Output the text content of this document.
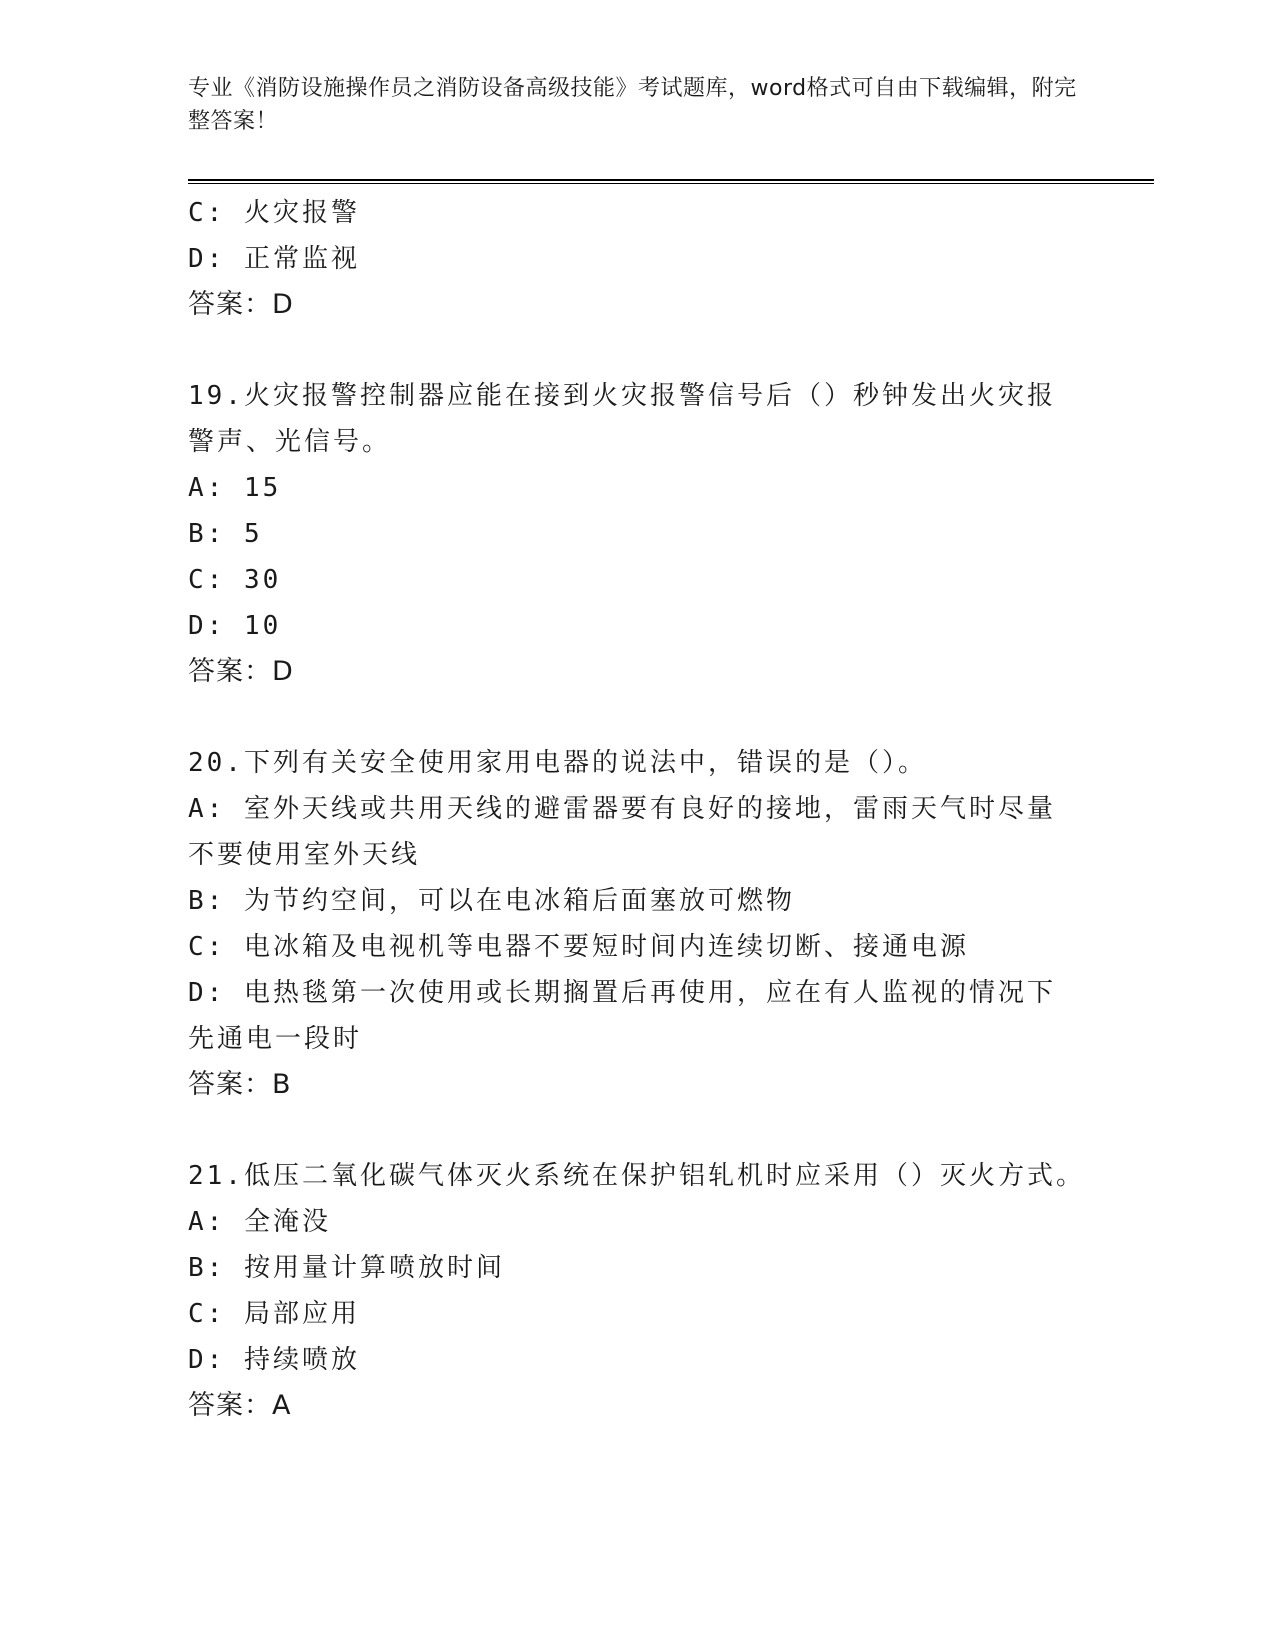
专业《消防设施操作员之消防设备高级技能》考试题库，word格式可自由下载编辑，附完整答案！
C: 火灾报警
D: 正常监视
答案：D
19.火灾报警控制器应能在接到火灾报警信号后（）秒钟发出火灾报警声、光信号。
A: 15
B: 5
C: 30
D: 10
答案：D
20.下列有关安全使用家用电器的说法中，错误的是（）。
A: 室外天线或共用天线的避雷器要有良好的接地，雷雨天气时尽量不要使用室外天线
B: 为节约空间，可以在电冰箱后面塞放可燃物
C: 电冰箱及电视机等电器不要短时间内连续切断、接通电源
D: 电热毯第一次使用或长期搁置后再使用，应在有人监视的情况下先通电一段时
答案：B
21.低压二氧化碳气体灭火系统在保护铝轧机时应采用（）灭火方式。
A: 全淹没
B: 按用量计算喷放时间
C: 局部应用
D: 持续喷放
答案：A
